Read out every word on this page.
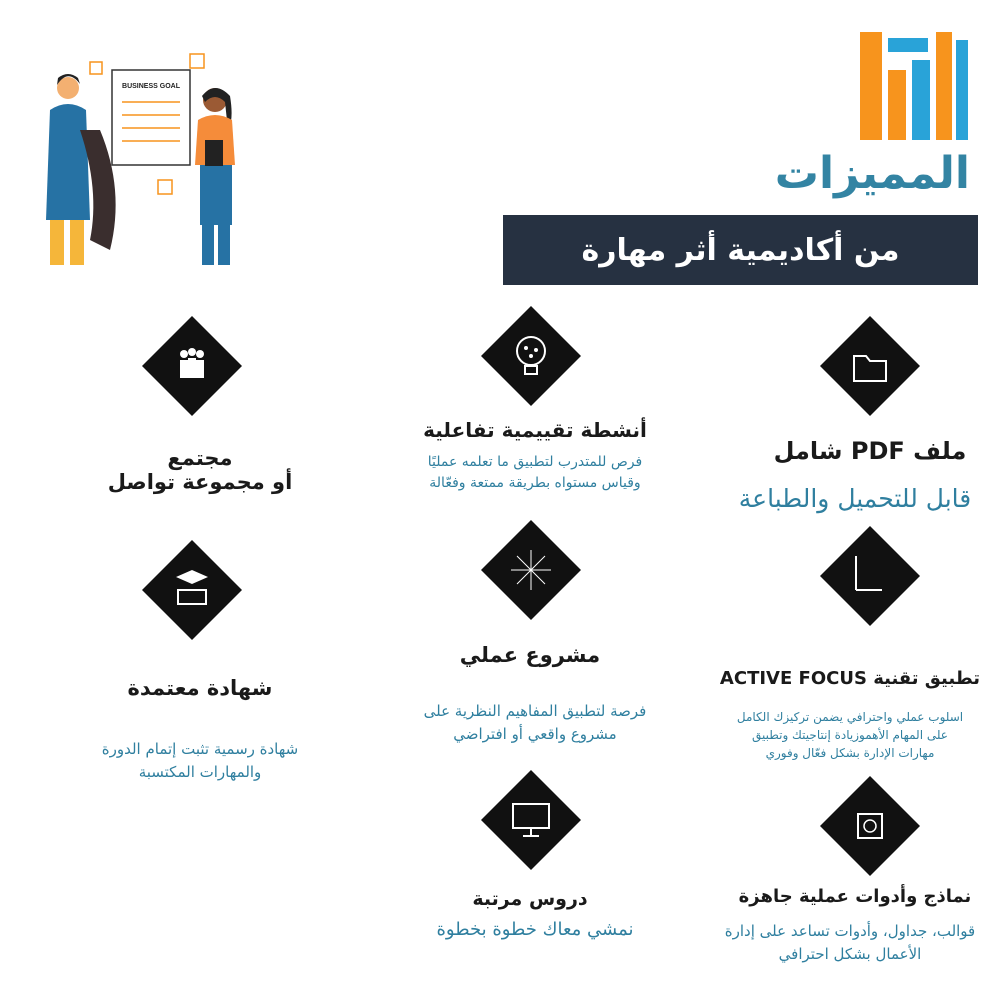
المميزات
من أكاديمية أثر مهارة
BUSINESS GOAL
ملف PDF شامل
قابل للتحميل والطباعة
أنشطة تقييمية تفاعلية
فرص للمتدرب لتطبيق ما تعلمه عمليًا
وقياس مستواه بطريقة ممتعة وفعّالة
مجتمع
أو مجموعة تواصل
تطبيق تقنية ACTIVE FOCUS
اسلوب عملي واحترافي يضمن تركيزك الكامل
على المهام الأهموزيادة إنتاجيتك وتطبيق
مهارات الإدارة بشكل فعّال وفوري
مشروع عملي
فرصة لتطبيق المفاهيم النظرية على
مشروع واقعي أو افتراضي
شهادة معتمدة
شهادة رسمية تثبت إتمام الدورة
والمهارات المكتسبة
نماذج وأدوات عملية جاهزة
قوالب، جداول، وأدوات تساعد على إدارة
الأعمال بشكل احترافي
دروس مرتبة
نمشي معاك خطوة بخطوة
